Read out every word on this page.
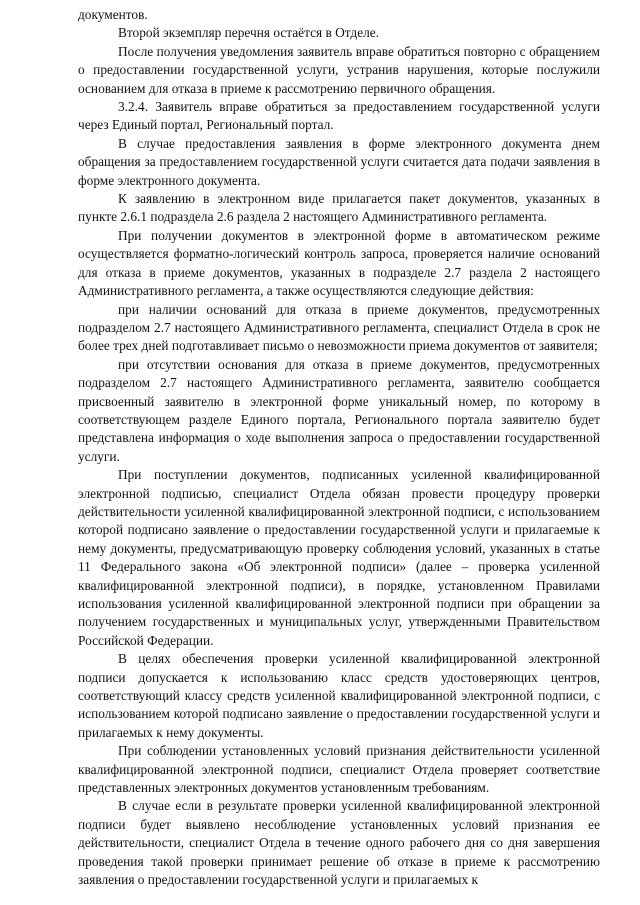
документов.

Второй экземпляр перечня остаётся в Отделе.

После получения уведомления заявитель вправе обратиться повторно с обращением о предоставлении государственной услуги, устранив нарушения, которые послужили основанием для отказа в приеме к рассмотрению первичного обращения.

3.2.4. Заявитель вправе обратиться за предоставлением государственной услуги через Единый портал, Региональный портал.

В случае предоставления заявления в форме электронного документа днем обращения за предоставлением государственной услуги считается дата подачи заявления в форме электронного документа.

К заявлению в электронном виде прилагается пакет документов, указанных в пункте 2.6.1 подраздела 2.6 раздела 2 настоящего Административного регламента.

При получении документов в электронной форме в автоматическом режиме осуществляется форматно-логический контроль запроса, проверяется наличие оснований для отказа в приеме документов, указанных в подразделе 2.7 раздела 2 настоящего Административного регламента, а также осуществляются следующие действия:

при наличии оснований для отказа в приеме документов, предусмотренных подразделом 2.7 настоящего Административного регламента, специалист Отдела в срок не более трех дней подготавливает письмо о невозможности приема документов от заявителя;

при отсутствии основания для отказа в приеме документов, предусмотренных подразделом 2.7 настоящего Административного регламента, заявителю сообщается присвоенный заявителю в электронной форме уникальный номер, по которому в соответствующем разделе Единого портала, Регионального портала заявителю будет представлена информация о ходе выполнения запроса о предоставлении государственной услуги.

При поступлении документов, подписанных усиленной квалифицированной электронной подписью, специалист Отдела обязан провести процедуру проверки действительности усиленной квалифицированной электронной подписи, с использованием которой подписано заявление о предоставлении государственной услуги и прилагаемые к нему документы, предусматривающую проверку соблюдения условий, указанных в статье 11 Федерального закона «Об электронной подписи» (далее – проверка усиленной квалифицированной электронной подписи), в порядке, установленном Правилами использования усиленной квалифицированной электронной подписи при обращении за получением государственных и муниципальных услуг, утвержденными Правительством Российской Федерации.

В целях обеспечения проверки усиленной квалифицированной электронной подписи допускается к использованию класс средств удостоверяющих центров, соответствующий классу средств усиленной квалифицированной электронной подписи, с использованием которой подписано заявление о предоставлении государственной услуги и прилагаемых к нему документы.

При соблюдении установленных условий признания действительности усиленной квалифицированной электронной подписи, специалист Отдела проверяет соответствие представленных электронных документов установленным требованиям.

В случае если в результате проверки усиленной квалифицированной электронной подписи будет выявлено несоблюдение установленных условий признания ее действительности, специалист Отдела в течение одного рабочего дня со дня завершения проведения такой проверки принимает решение об отказе в приеме к рассмотрению заявления о предоставлении государственной услуги и прилагаемых к
